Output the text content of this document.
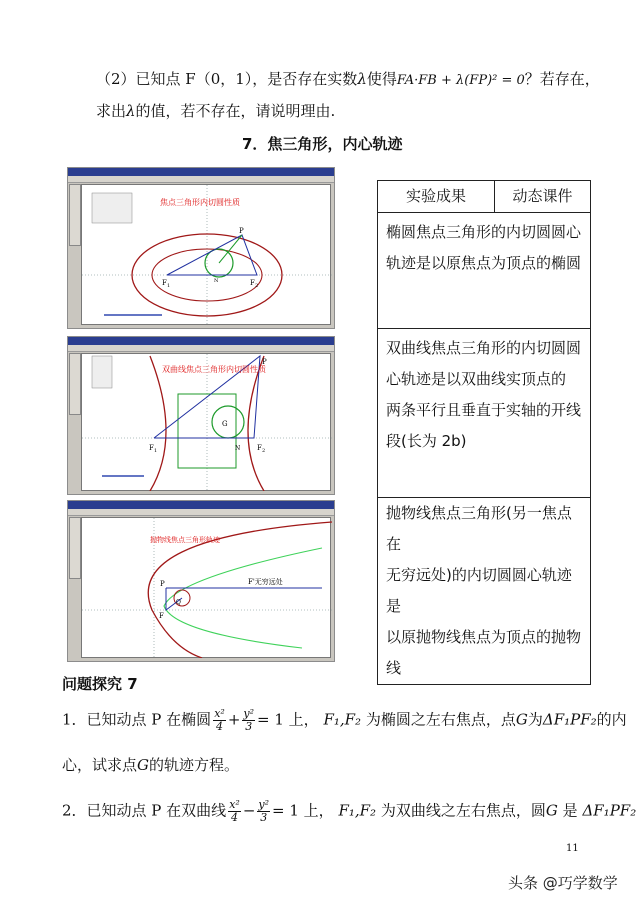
（2）已知点 F（0，1），是否存在实数λ使得FA·FB + λ(FP)² = 0？若存在，
求出λ的值，若不存在，请说明理由.
7．焦三角形，内心轨迹
焦点三角形内切圆性质
P
F 1	F 2
N
双曲线焦点三角形内切圆性质
P
G
F 1	F 2
N
抛物线焦点三角形轨迹
P
F
Q
F'无穷远处
实验成果	动态课件

椭圆焦点三角形的内切圆圆心
轨迹是以原焦点为顶点的椭圆

双曲线焦点三角形的内切圆圆
心轨迹是以双曲线实顶点的
两条平行且垂直于实轴的开线
段(长为 2b)

抛物线焦点三角形(另一焦点在
无穷远处)的内切圆圆心轨迹是
以原抛物线焦点为顶点的抛物
线
问题探究 7
1．已知动点 P 在椭圆 $\frac{\text{x²}}{4} + \frac{\text{y²}}{3} = 1$ 上， F₁,F₂ 为椭圆之左右焦点，点G为ΔF₁PF₂的内
心，试求点G的轨迹方程。
2．已知动点 P 在双曲线 $\frac{\text{x²}}{4} - \frac{\text{y²}}{3} = 1$ 上， F₁,F₂ 为双曲线之左右焦点，圆G 是 ΔF₁PF₂
11
头条 @巧学数学
